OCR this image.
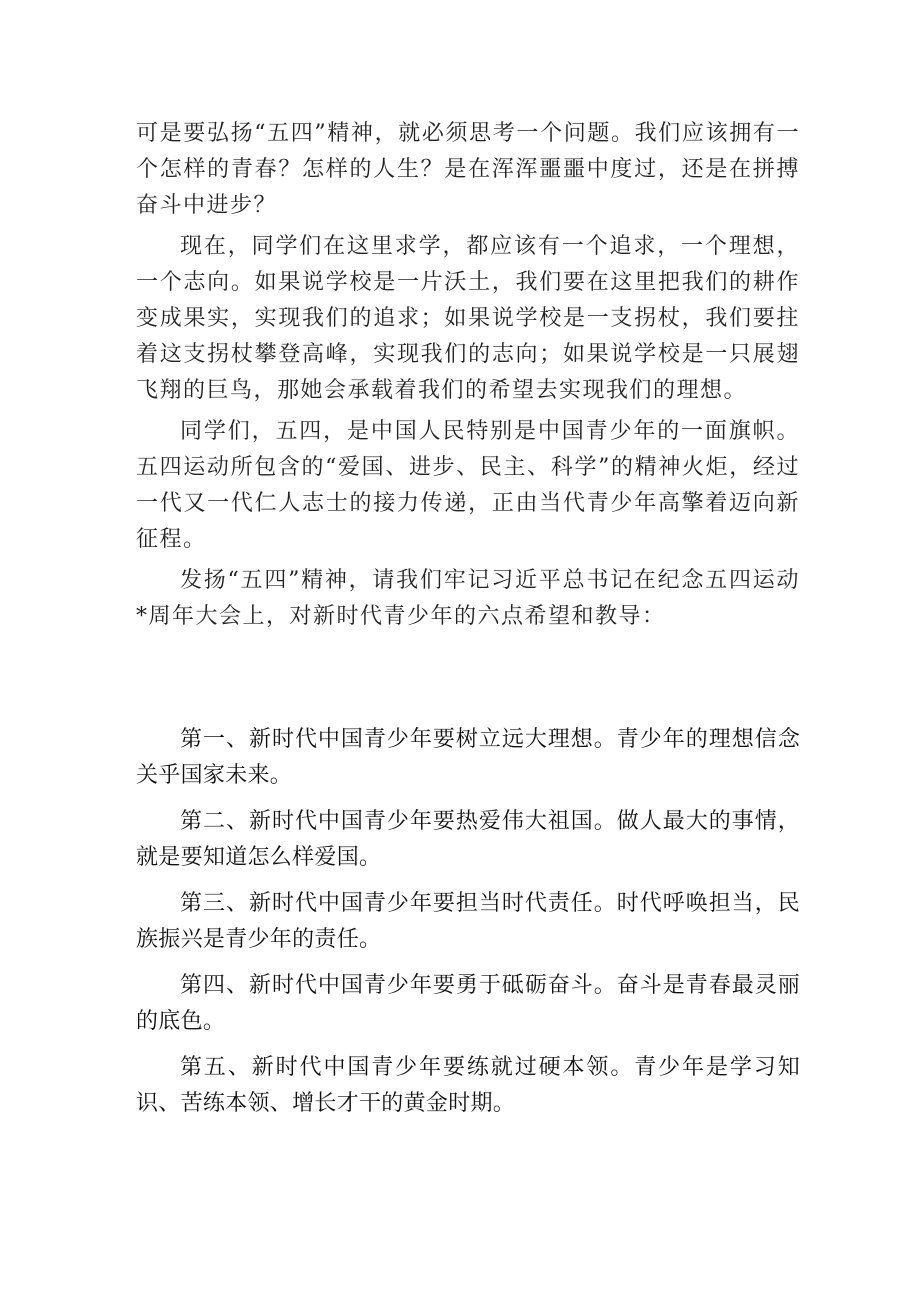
可是要弘扬“五四”精神，就必须思考一个问题。我们应该拥有一个怎样的青春？怎样的人生？是在浑浑噩噩中度过，还是在拼搏奋斗中进步？

现在，同学们在这里求学，都应该有一个追求，一个理想，一个志向。如果说学校是一片沃土，我们要在这里把我们的耕作变成果实，实现我们的追求；如果说学校是一支拐杖，我们要拄着这支拐杖攀登高峰，实现我们的志向；如果说学校是一只展翅飞翔的巨鸟，那她会承载着我们的希望去实现我们的理想。

同学们，五四，是中国人民特别是中国青少年的一面旗帜。五四运动所包含的“爱国、进步、民主、科学”的精神火炬，经过一代又一代仁人志士的接力传递，正由当代青少年高擎着迈向新征程。

发扬“五四”精神，请我们牢记习近平总书记在纪念五四运动*周年大会上，对新时代青少年的六点希望和教导：

第一、新时代中国青少年要树立远大理想。青少年的理想信念关乎国家未来。

第二、新时代中国青少年要热爱伟大祖国。做人最大的事情，就是要知道怎么样爱国。

第三、新时代中国青少年要担当时代责任。时代呼唤担当，民族振兴是青少年的责任。

第四、新时代中国青少年要勇于砥砺奋斗。奋斗是青春最灵丽的底色。

第五、新时代中国青少年要练就过硬本领。青少年是学习知识、苦练本领、增长才干的黄金时期。
